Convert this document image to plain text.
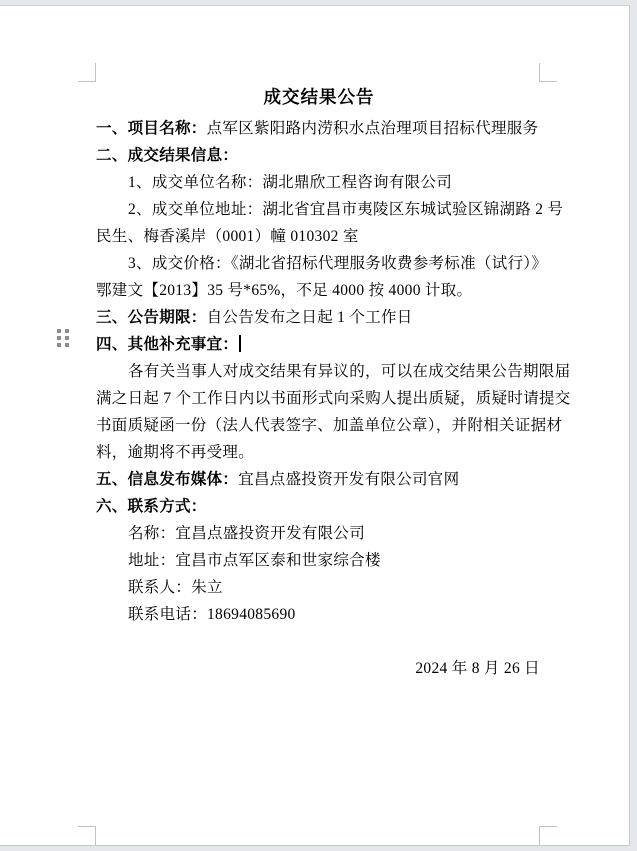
成交结果公告
一、项目名称：点军区紫阳路内涝积水点治理项目招标代理服务
二、成交结果信息：
1、成交单位名称：湖北鼎欣工程咨询有限公司
2、成交单位地址：湖北省宜昌市夷陵区东城试验区锦湖路 2 号
民生、梅香溪岸（0001）幢 010302 室
3、成交价格：《湖北省招标代理服务收费参考标准（试行）》
鄂建文【2013】35 号*65%，不足 4000 按 4000 计取。
三、公告期限：自公告发布之日起 1 个工作日
四、其他补充事宜：
各有关当事人对成交结果有异议的，可以在成交结果公告期限届
满之日起 7 个工作日内以书面形式向采购人提出质疑，质疑时请提交
书面质疑函一份（法人代表签字、加盖单位公章），并附相关证据材
料，逾期将不再受理。
五、信息发布媒体：宜昌点盛投资开发有限公司官网
六、联系方式：
名称：宜昌点盛投资开发有限公司
地址：宜昌市点军区泰和世家综合楼
联系人：朱立
联系电话：18694085690
2024 年 8 月 26 日
